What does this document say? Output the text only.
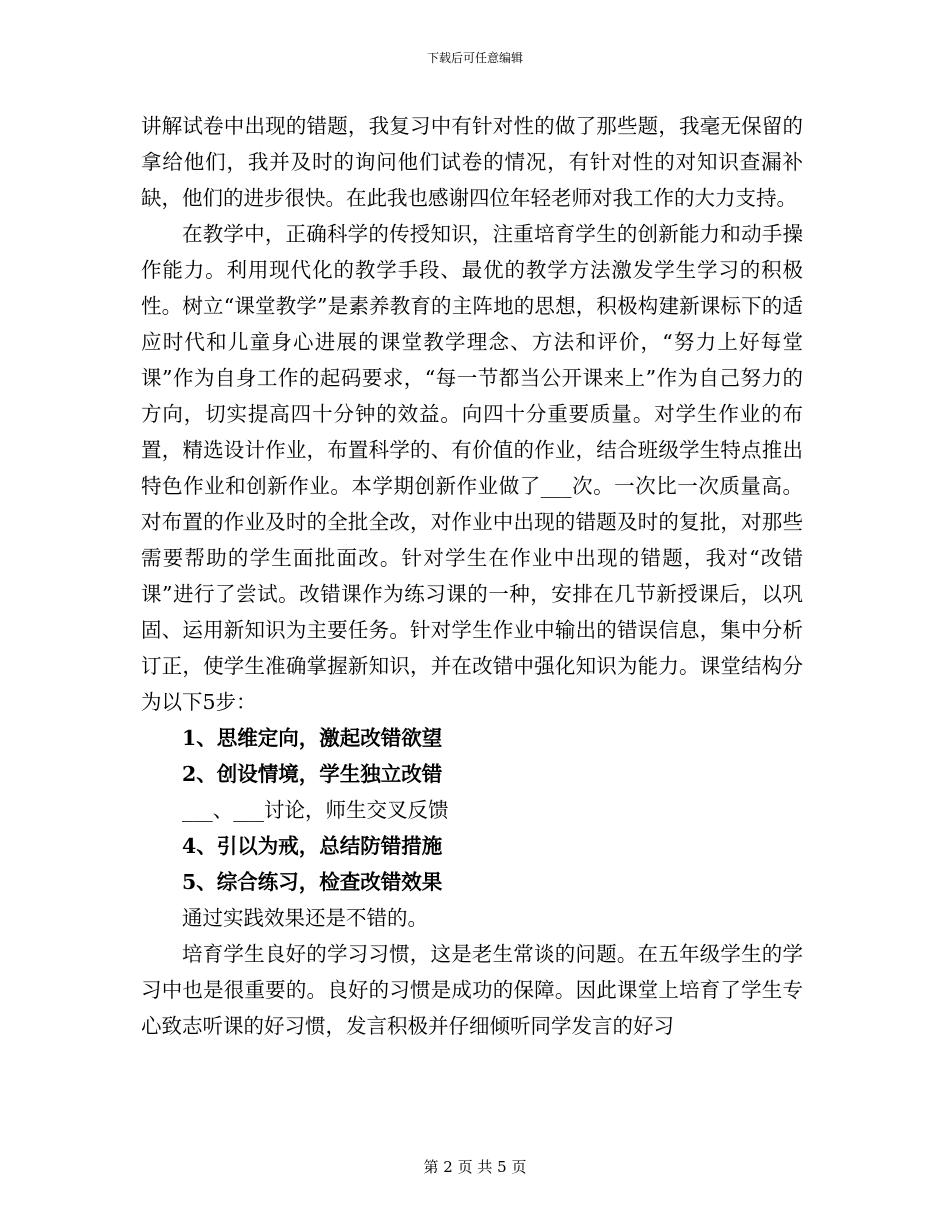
下载后可任意编辑

讲解试卷中出现的错题，我复习中有针对性的做了那些题，我毫无保留的拿给他们，我并及时的询问他们试卷的情况，有针对性的对知识查漏补缺，他们的进步很快。在此我也感谢四位年轻老师对我工作的大力支持。

在教学中，正确科学的传授知识，注重培育学生的创新能力和动手操作能力。利用现代化的教学手段、最优的教学方法激发学生学习的积极性。树立“课堂教学”是素养教育的主阵地的思想，积极构建新课标下的适应时代和儿童身心进展的课堂教学理念、方法和评价，“努力上好每堂课”作为自身工作的起码要求，“每一节都当公开课来上”作为自己努力的方向，切实提高四十分钟的效益。向四十分重要质量。对学生作业的布置，精选设计作业，布置科学的、有价值的作业，结合班级学生特点推出特色作业和创新作业。本学期创新作业做了___次。一次比一次质量高。对布置的作业及时的全批全改，对作业中出现的错题及时的复批，对那些需要帮助的学生面批面改。针对学生在作业中出现的错题，我对“改错课”进行了尝试。改错课作为练习课的一种，安排在几节新授课后，以巩固、运用新知识为主要任务。针对学生作业中输出的错误信息，集中分析订正，使学生准确掌握新知识，并在改错中强化知识为能力。课堂结构分为以下5步：

1、思维定向，激起改错欲望

2、创设情境，学生独立改错

___、___讨论，师生交叉反馈

4、引以为戒，总结防错措施

5、综合练习，检查改错效果

通过实践效果还是不错的。

培育学生良好的学习习惯，这是老生常谈的问题。在五年级学生的学习中也是很重要的。良好的习惯是成功的保障。因此课堂上培育了学生专心致志听课的好习惯，发言积极并仔细倾听同学发言的好习

第 2 页 共 5 页
